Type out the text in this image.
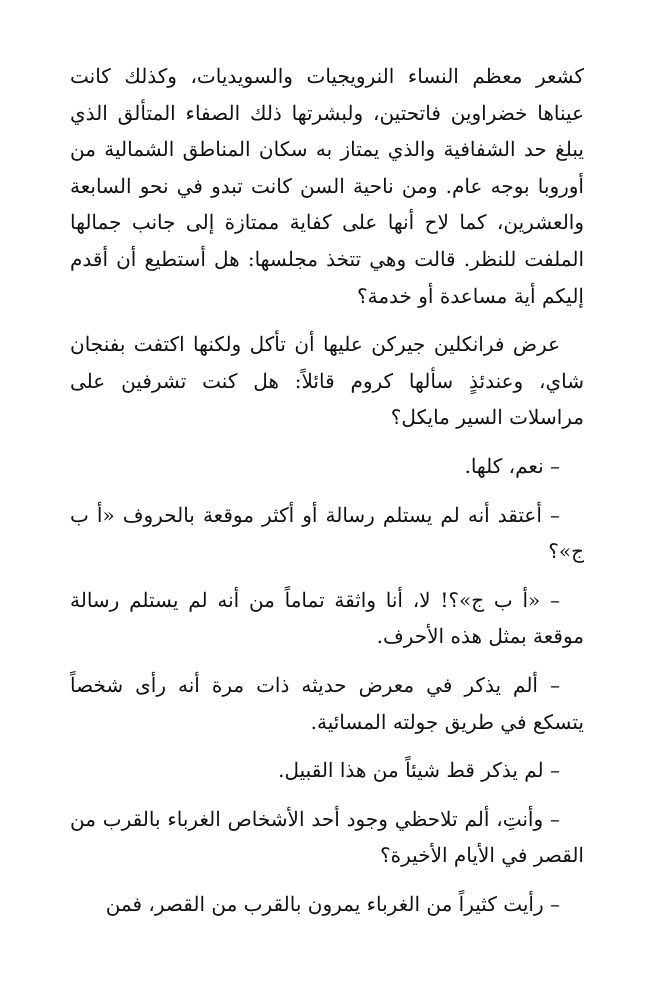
كشعر معظم النساء النرويجيات والسويديات، وكذلك كانت عيناها خضراوين فاتحتين، ولبشرتها ذلك الصفاء المتألق الذي يبلغ حد الشفافية والذي يمتاز به سكان المناطق الشمالية من أوروبا بوجه عام. ومن ناحية السن كانت تبدو في نحو السابعة والعشرين، كما لاح أنها على كفاية ممتازة إلى جانب جمالها الملفت للنظر. قالت وهي تتخذ مجلسها: هل أستطيع أن أقدم إليكم أية مساعدة أو خدمة؟

عرض فرانكلين جيركن عليها أن تأكل ولكنها اكتفت بفنجان شاي، وعندئذٍ سألها كروم قائلاً: هل كنت تشرفين على مراسلات السير مايكل؟

– نعم، كلها.

– أعتقد أنه لم يستلم رسالة أو أكثر موقعة بالحروف «أ ب ج»؟

– «أ ب ج»؟! لا، أنا واثقة تماماً من أنه لم يستلم رسالة موقعة بمثل هذه الأحرف.

– ألم يذكر في معرض حديثه ذات مرة أنه رأى شخصاً يتسكع في طريق جولته المسائية.

– لم يذكر قط شيئاً من هذا القبيل.

– وأنتِ، ألم تلاحظي وجود أحد الأشخاص الغرباء بالقرب من القصر في الأيام الأخيرة؟

– رأيت كثيراً من الغرباء يمرون بالقرب من القصر، فمن
